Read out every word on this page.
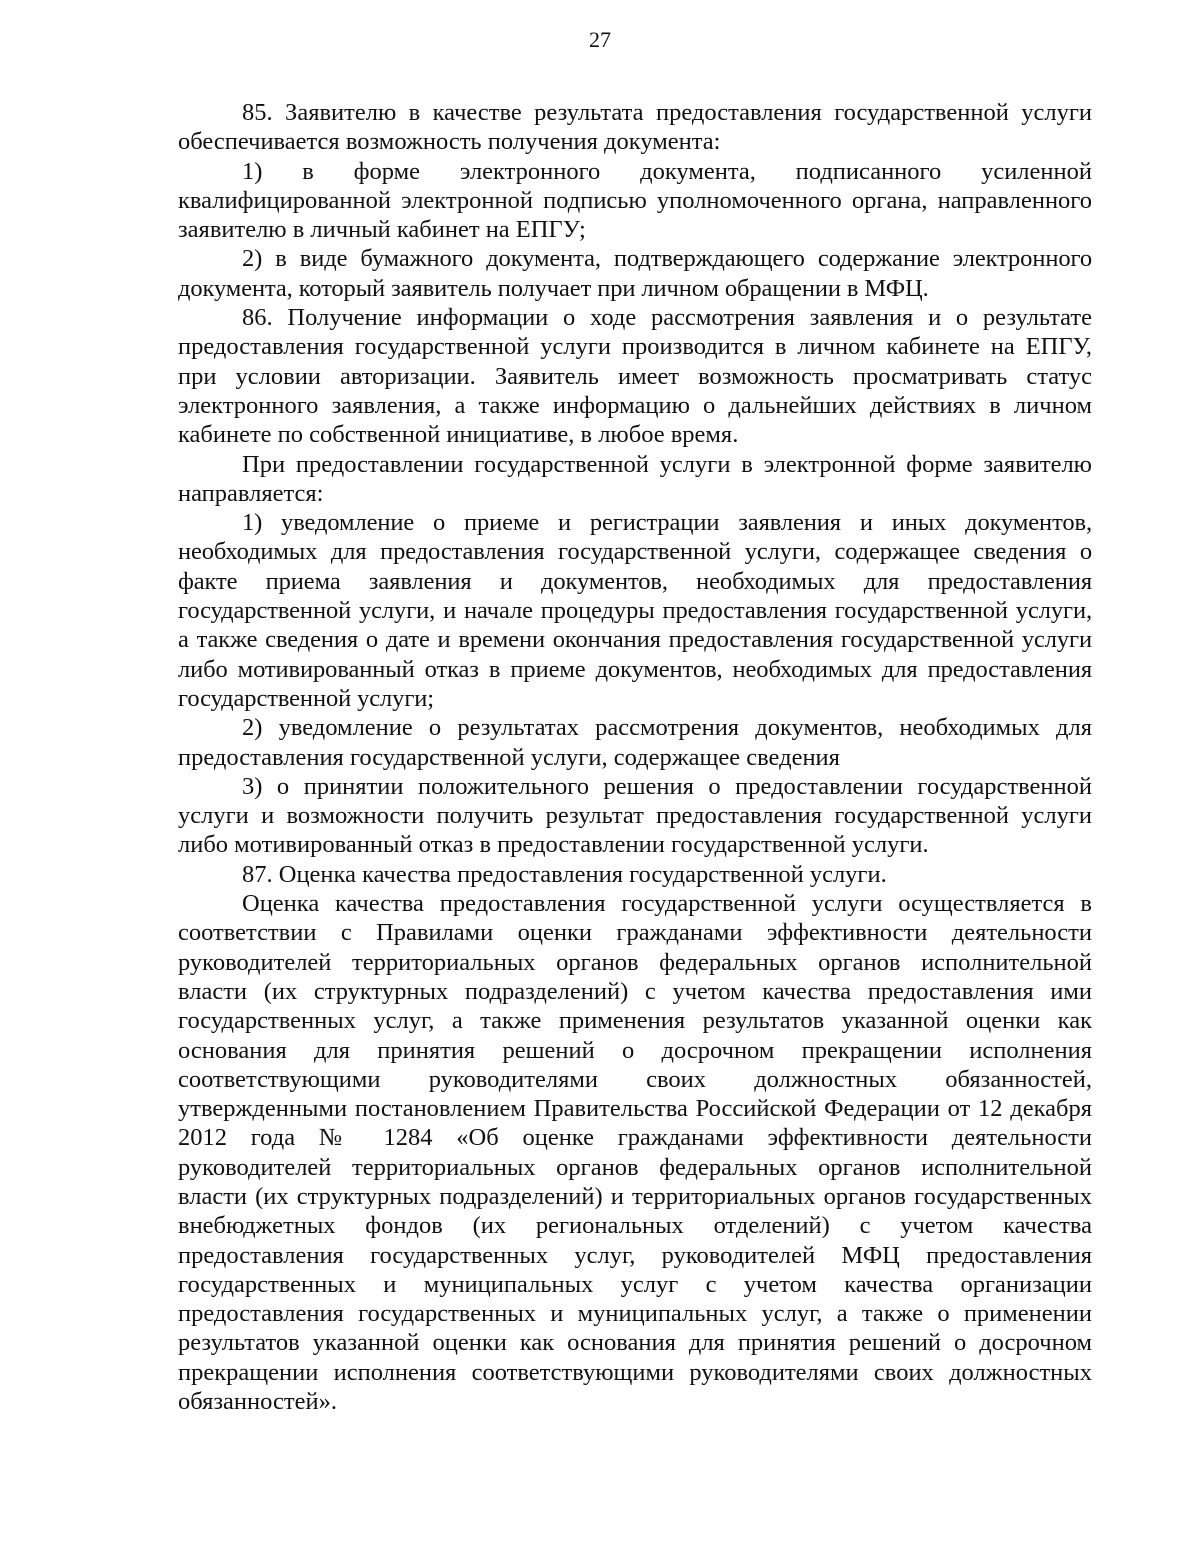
27

85. Заявителю в качестве результата предоставления государственной услуги обеспечивается возможность получения документа:

1) в форме электронного документа, подписанного усиленной квалифицированной электронной подписью уполномоченного органа, направленного заявителю в личный кабинет на ЕПГУ;

2) в виде бумажного документа, подтверждающего содержание электронного документа, который заявитель получает при личном обращении в МФЦ.

86. Получение информации о ходе рассмотрения заявления и о результате предоставления государственной услуги производится в личном кабинете на ЕПГУ, при условии авторизации. Заявитель имеет возможность просматривать статус электронного заявления, а также информацию о дальнейших действиях в личном кабинете по собственной инициативе, в любое время.

При предоставлении государственной услуги в электронной форме заявителю направляется:

1) уведомление о приеме и регистрации заявления и иных документов, необходимых для предоставления государственной услуги, содержащее сведения о факте приема заявления и документов, необходимых для предоставления государственной услуги, и начале процедуры предоставления государственной услуги, а также сведения о дате и времени окончания предоставления государственной услуги либо мотивированный отказ в приеме документов, необходимых для предоставления государственной услуги;

2) уведомление о результатах рассмотрения документов, необходимых для предоставления государственной услуги, содержащее сведения

3) о принятии положительного решения о предоставлении государственной услуги и возможности получить результат предоставления государственной услуги либо мотивированный отказ в предоставлении государственной услуги.

87. Оценка качества предоставления государственной услуги.

Оценка качества предоставления государственной услуги осуществляется в соответствии с Правилами оценки гражданами эффективности деятельности руководителей территориальных органов федеральных органов исполнительной власти (их структурных подразделений) с учетом качества предоставления ими государственных услуг, а также применения результатов указанной оценки как основания для принятия решений о досрочном прекращении исполнения соответствующими руководителями своих должностных обязанностей, утвержденными постановлением Правительства Российской Федерации от 12 декабря 2012 года № 1284 «Об оценке гражданами эффективности деятельности руководителей территориальных органов федеральных органов исполнительной власти (их структурных подразделений) и территориальных органов государственных внебюджетных фондов (их региональных отделений) с учетом качества предоставления государственных услуг, руководителей МФЦ предоставления государственных и муниципальных услуг с учетом качества организации предоставления государственных и муниципальных услуг, а также о применении результатов указанной оценки как основания для принятия решений о досрочном прекращении исполнения соответствующими руководителями своих должностных обязанностей».
